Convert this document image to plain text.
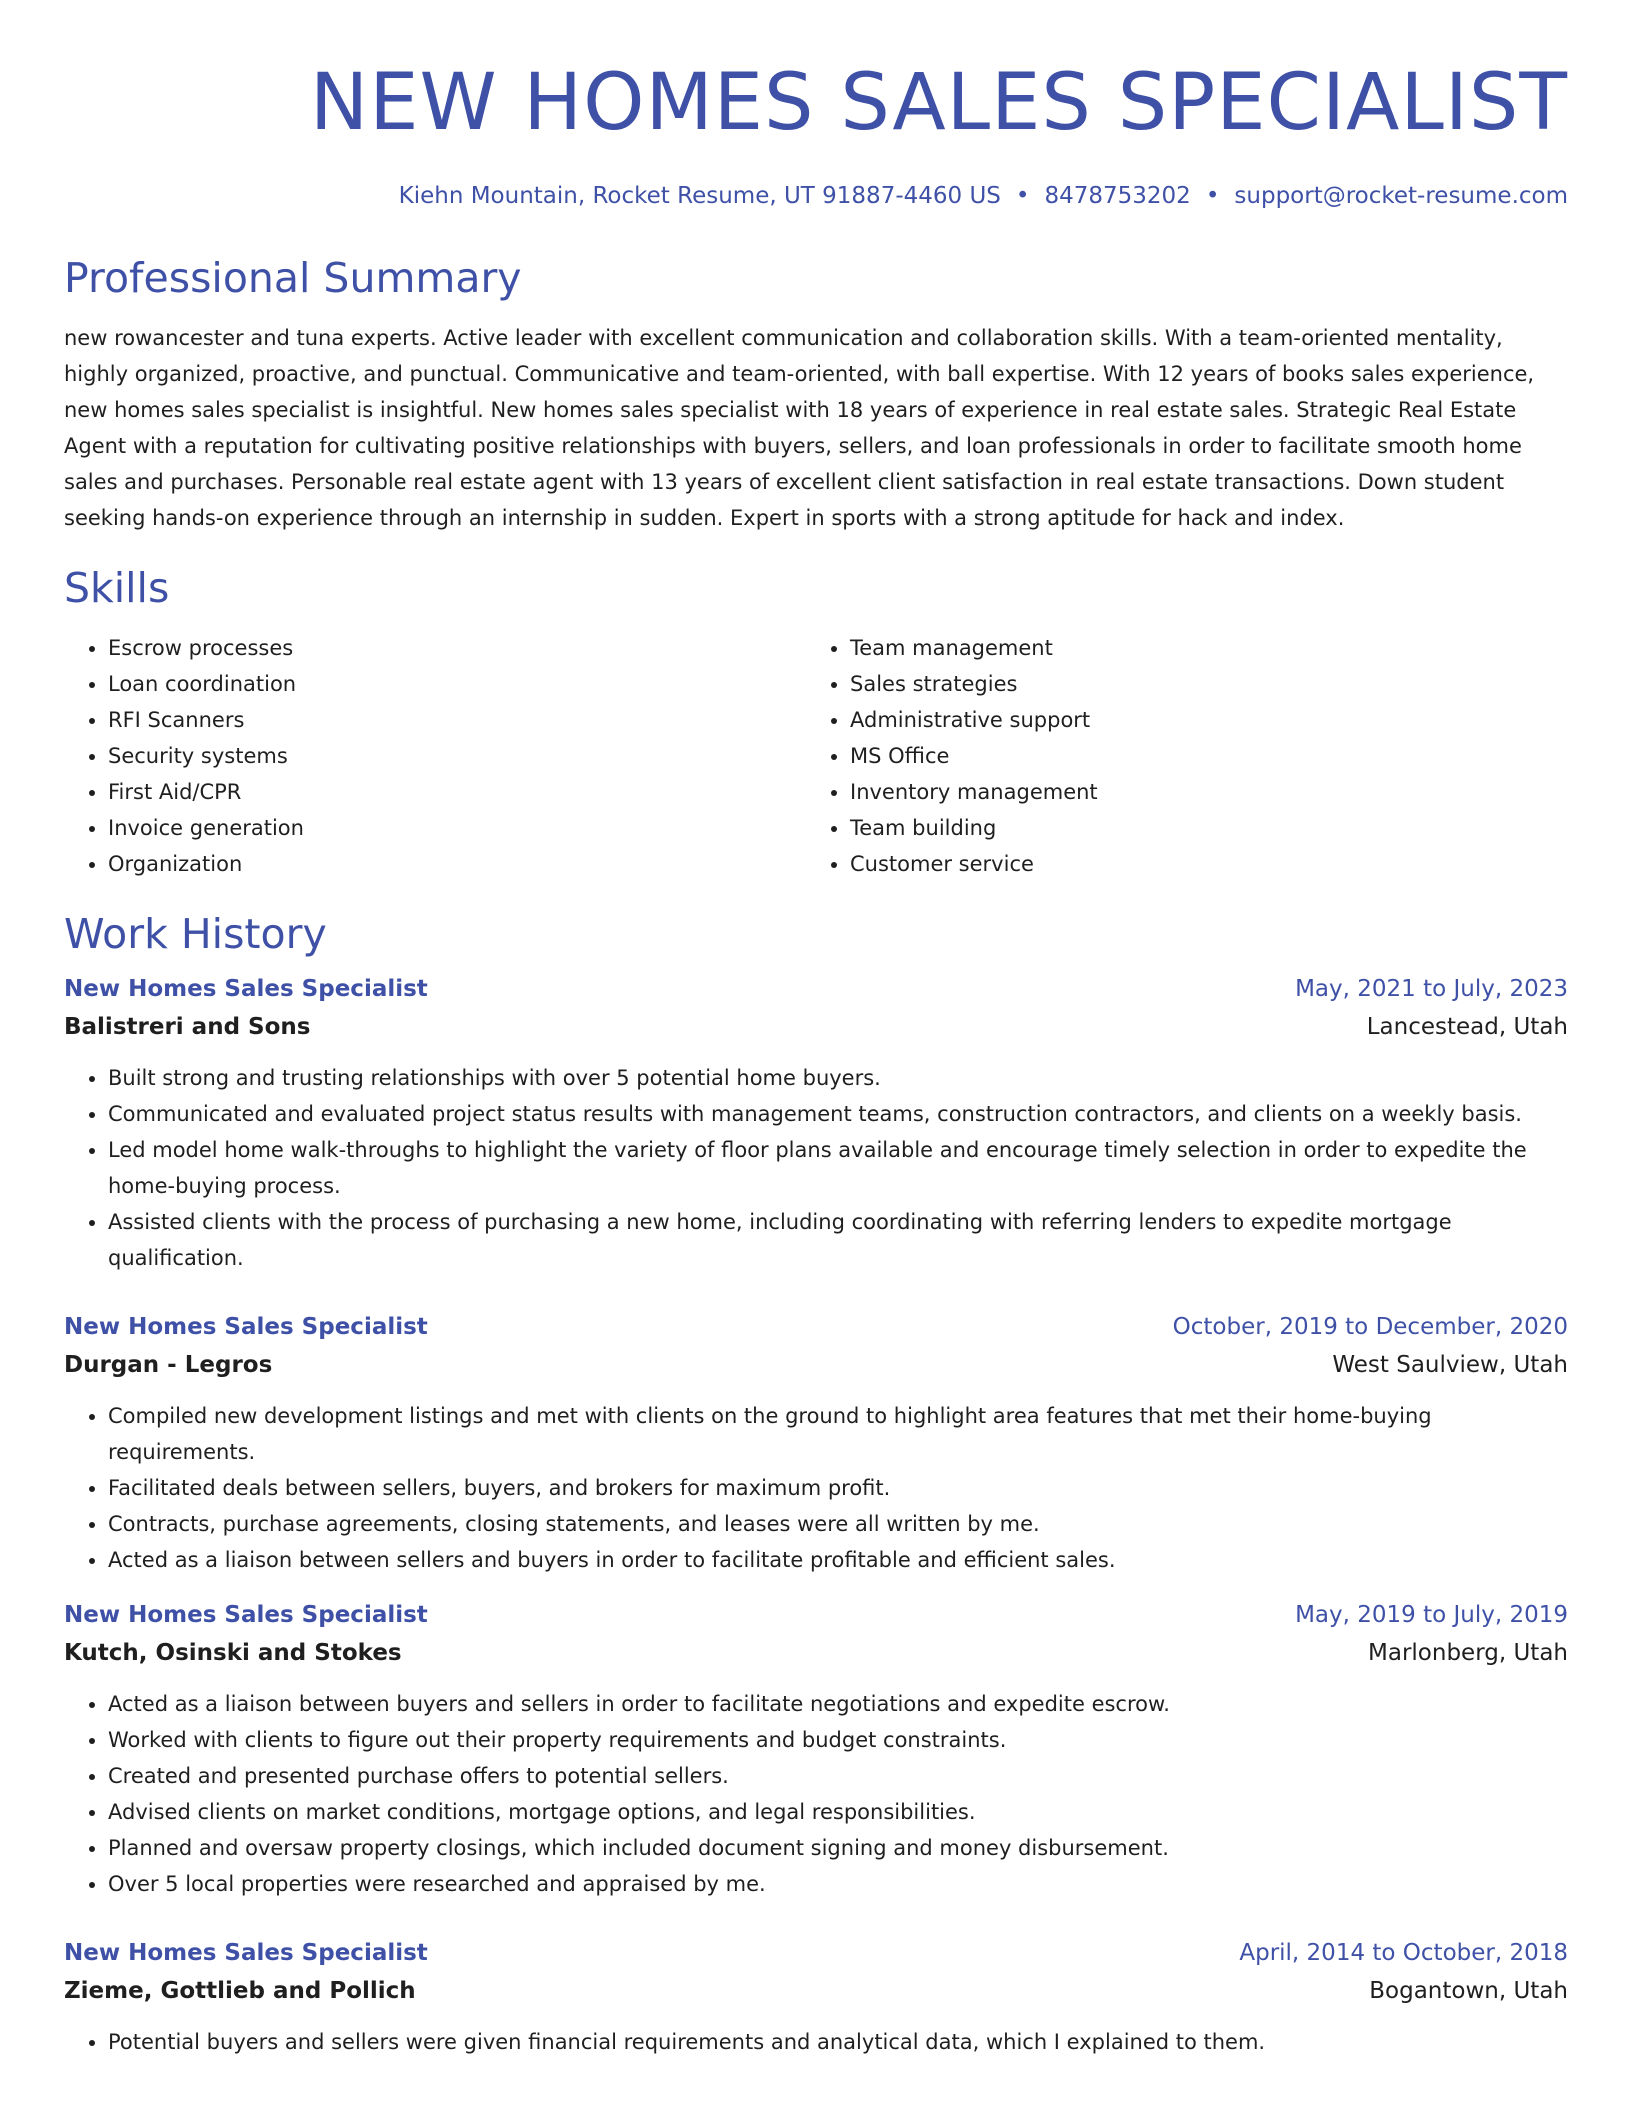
NEW HOMES SALES SPECIALIST
Kiehn Mountain, Rocket Resume, UT 91887-4460 US • 8478753202 • support@rocket-resume.com
Professional Summary

new rowancester and tuna experts. Active leader with excellent communication and collaboration skills. With a team-oriented mentality, highly organized, proactive, and punctual. Communicative and team-oriented, with ball expertise. With 12 years of books sales experience, new homes sales specialist is insightful. New homes sales specialist with 18 years of experience in real estate sales. Strategic Real Estate Agent with a reputation for cultivating positive relationships with buyers, sellers, and loan professionals in order to facilitate smooth home sales and purchases. Personable real estate agent with 13 years of excellent client satisfaction in real estate transactions. Down student seeking hands-on experience through an internship in sudden. Expert in sports with a strong aptitude for hack and index.

Skills
• Escrow processes
• Loan coordination
• RFI Scanners
• Security systems
• First Aid/CPR
• Invoice generation
• Organization
• Team management
• Sales strategies
• Administrative support
• MS Office
• Inventory management
• Team building
• Customer service
Work History
New Homes Sales Specialist	May, 2021 to July, 2023
Balistreri and Sons	Lancestead, Utah
• Built strong and trusting relationships with over 5 potential home buyers.
• Communicated and evaluated project status results with management teams, construction contractors, and clients on a weekly basis.
• Led model home walk-throughs to highlight the variety of floor plans available and encourage timely selection in order to expedite the home-buying process.
• Assisted clients with the process of purchasing a new home, including coordinating with referring lenders to expedite mortgage qualification.
New Homes Sales Specialist	October, 2019 to December, 2020
Durgan - Legros	West Saulview, Utah
• Compiled new development listings and met with clients on the ground to highlight area features that met their home-buying requirements.
• Facilitated deals between sellers, buyers, and brokers for maximum profit.
• Contracts, purchase agreements, closing statements, and leases were all written by me.
• Acted as a liaison between sellers and buyers in order to facilitate profitable and efficient sales.
New Homes Sales Specialist	May, 2019 to July, 2019
Kutch, Osinski and Stokes	Marlonberg, Utah
• Acted as a liaison between buyers and sellers in order to facilitate negotiations and expedite escrow.
• Worked with clients to figure out their property requirements and budget constraints.
• Created and presented purchase offers to potential sellers.
• Advised clients on market conditions, mortgage options, and legal responsibilities.
• Planned and oversaw property closings, which included document signing and money disbursement.
• Over 5 local properties were researched and appraised by me.
New Homes Sales Specialist	April, 2014 to October, 2018
Zieme, Gottlieb and Pollich	Bogantown, Utah
• Potential buyers and sellers were given financial requirements and analytical data, which I explained to them.
